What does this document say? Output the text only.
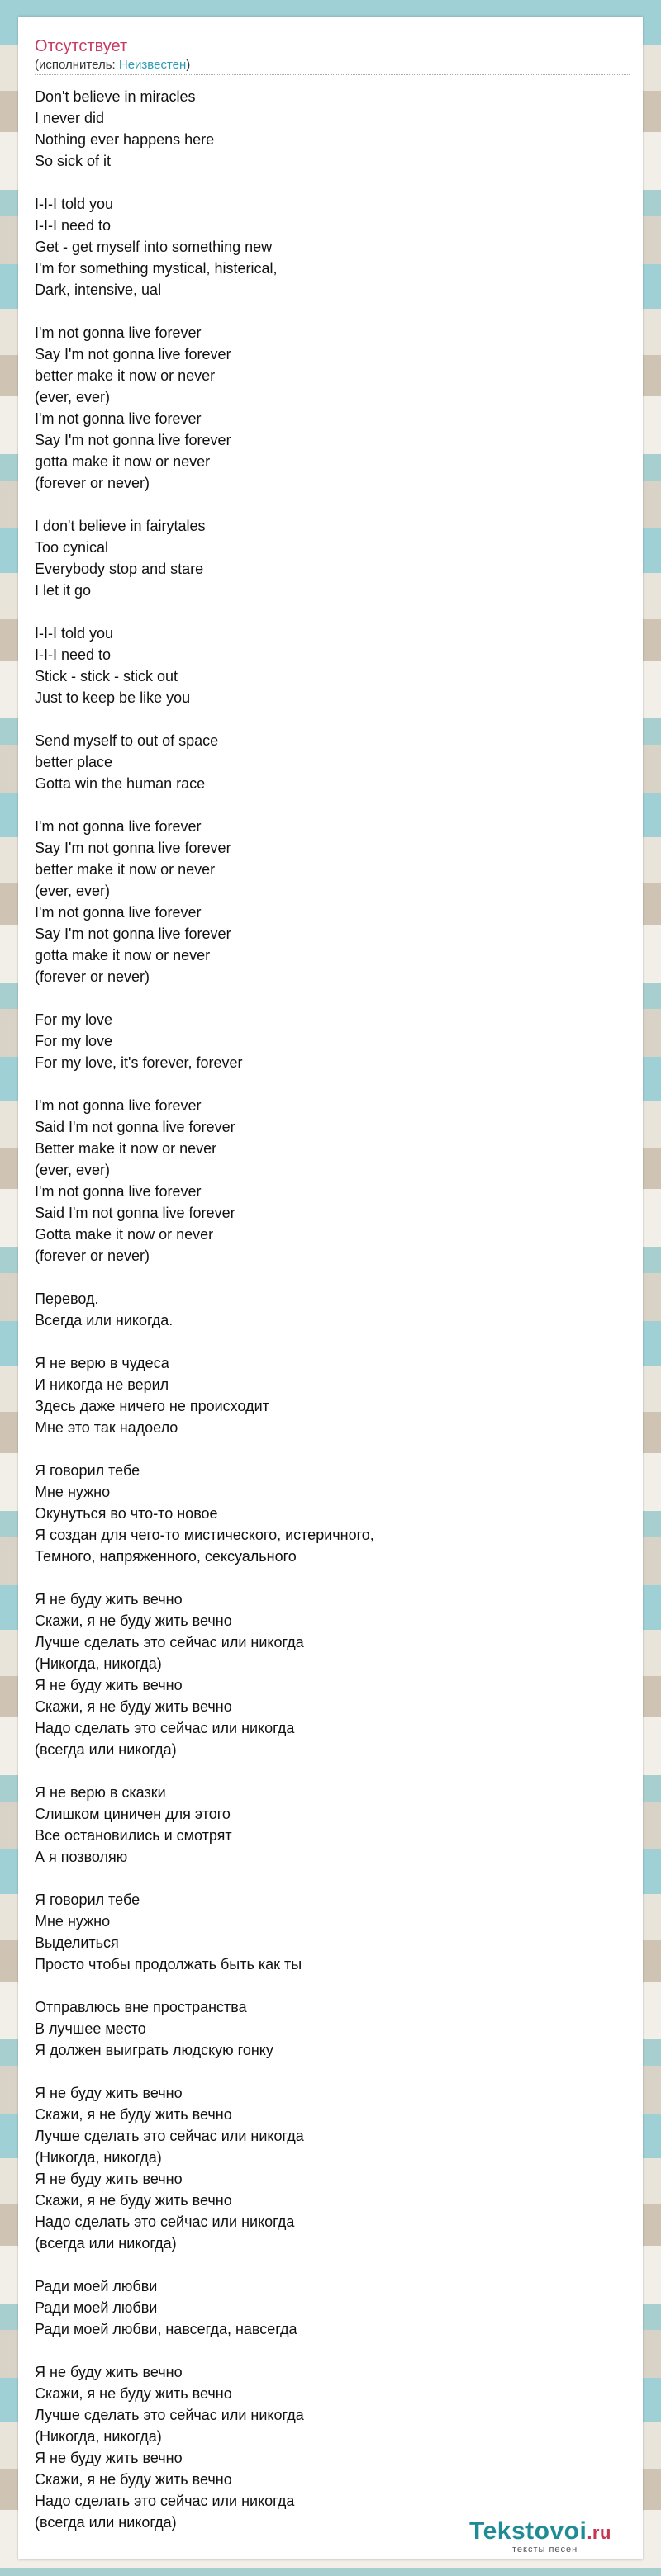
Отсутствует
(исполнитель: Неизвестен)
Don't believe in miracles
I never did
Nothing ever happens here
So sick of it
I-I-I told you
I-I-I need to
Get - get myself into something new
I'm for something mystical, histerical,
Dark, intensive, ual
I'm not gonna live forever
Say I'm not gonna live forever
better make it now or never
(ever, ever)
I'm not gonna live forever
Say I'm not gonna live forever
gotta make it now or never
(forever or never)
I don't believe in fairytales
Too cynical
Everybody stop and stare
I let it go
I-I-I told you
I-I-I need to
Stick - stick - stick out
Just to keep be like you
Send myself to out of space
better place
Gotta win the human race
I'm not gonna live forever
Say I'm not gonna live forever
better make it now or never
(ever, ever)
I'm not gonna live forever
Say I'm not gonna live forever
gotta make it now or never
(forever or never)
For my love
For my love
For my love, it's forever, forever
I'm not gonna live forever
Said I'm not gonna live forever
Better make it now or never
(ever, ever)
I'm not gonna live forever
Said I'm not gonna live forever
Gotta make it now or never
(forever or never)
Перевод.
Всегда или никогда.
Я не верю в чудеса
И никогда не верил
Здесь даже ничего не происходит
Мне это так надоело
Я говорил тебе
Мне нужно
Окунуться во что-то новое
Я создан для чего-то мистического, истеричного,
Темного, напряженного, сексуального
Я не буду жить вечно
Скажи, я не буду жить вечно
Лучше сделать это сейчас или никогда
(Никогда, никогда)
Я не буду жить вечно
Скажи, я не буду жить вечно
Надо сделать это сейчас или никогда
(всегда или никогда)
Я не верю в сказки
Слишком циничен для этого
Все остановились и смотрят
А я позволяю
Я говорил тебе
Мне нужно
Выделиться
Просто чтобы продолжать быть как ты
Отправлюсь вне пространства
В лучшее место
Я должен выиграть людскую гонку
Я не буду жить вечно
Скажи, я не буду жить вечно
Лучше сделать это сейчас или никогда
(Никогда, никогда)
Я не буду жить вечно
Скажи, я не буду жить вечно
Надо сделать это сейчас или никогда
(всегда или никогда)
Ради моей любви
Ради моей любви
Ради моей любви, навсегда, навсегда
Я не буду жить вечно
Скажи, я не буду жить вечно
Лучше сделать это сейчас или никогда
(Никогда, никогда)
Я не буду жить вечно
Скажи, я не буду жить вечно
Надо сделать это сейчас или никогда
(всегда или никогда)	Tekstovoi.ru
тексты песен
